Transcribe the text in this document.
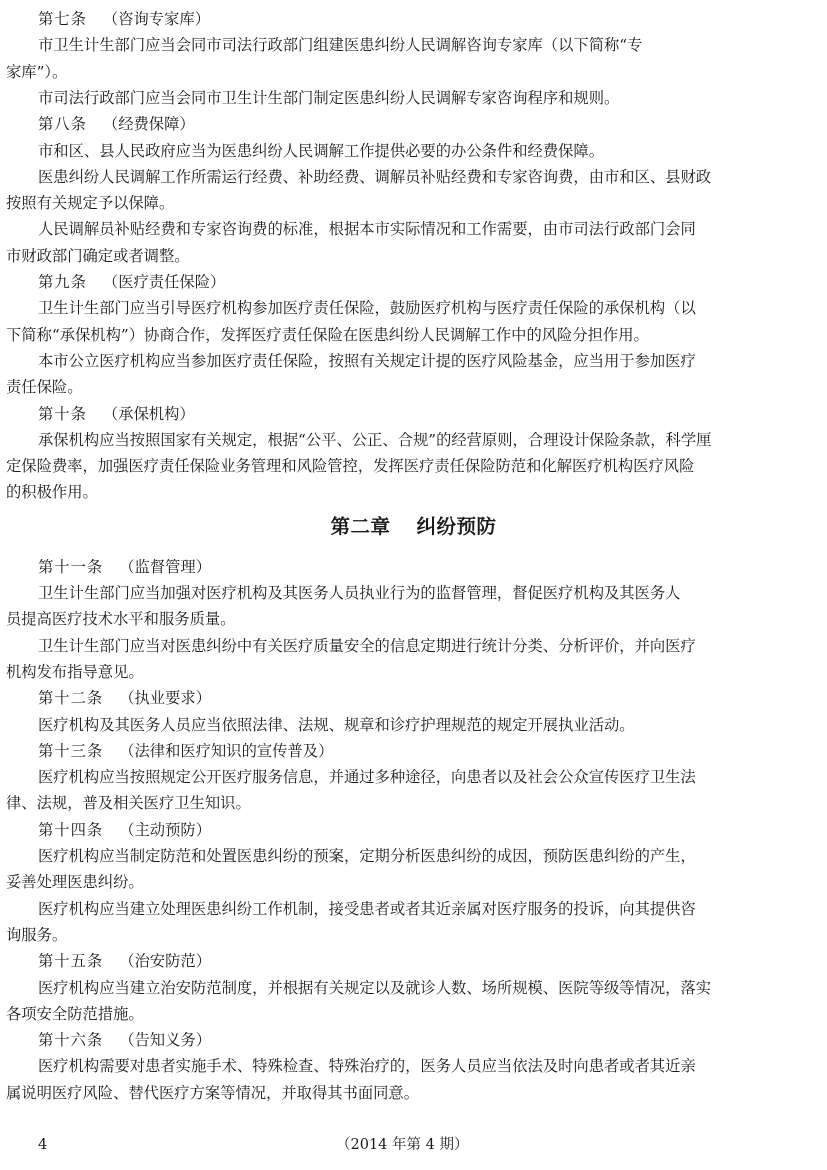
第七条 （咨询专家库）
市卫生计生部门应当会同市司法行政部门组建医患纠纷人民调解咨询专家库（以下简称“专
家库”）。
市司法行政部门应当会同市卫生计生部门制定医患纠纷人民调解专家咨询程序和规则。
第八条 （经费保障）
市和区、县人民政府应当为医患纠纷人民调解工作提供必要的办公条件和经费保障。
医患纠纷人民调解工作所需运行经费、补助经费、调解员补贴经费和专家咨询费，由市和区、县财政
按照有关规定予以保障。
人民调解员补贴经费和专家咨询费的标准，根据本市实际情况和工作需要，由市司法行政部门会同
市财政部门确定或者调整。
第九条 （医疗责任保险）
卫生计生部门应当引导医疗机构参加医疗责任保险，鼓励医疗机构与医疗责任保险的承保机构（以
下简称“承保机构”）协商合作，发挥医疗责任保险在医患纠纷人民调解工作中的风险分担作用。
本市公立医疗机构应当参加医疗责任保险，按照有关规定计提的医疗风险基金，应当用于参加医疗
责任保险。
第十条 （承保机构）
承保机构应当按照国家有关规定，根据“公平、公正、合规”的经营原则，合理设计保险条款，科学厘
定保险费率，加强医疗责任保险业务管理和风险管控，发挥医疗责任保险防范和化解医疗机构医疗风险
的积极作用。
第二章 纠纷预防
第十一条 （监督管理）
卫生计生部门应当加强对医疗机构及其医务人员执业行为的监督管理，督促医疗机构及其医务人
员提高医疗技术水平和服务质量。
卫生计生部门应当对医患纠纷中有关医疗质量安全的信息定期进行统计分类、分析评价，并向医疗
机构发布指导意见。
第十二条 （执业要求）
医疗机构及其医务人员应当依照法律、法规、规章和诊疗护理规范的规定开展执业活动。
第十三条 （法律和医疗知识的宣传普及）
医疗机构应当按照规定公开医疗服务信息，并通过多种途径，向患者以及社会公众宣传医疗卫生法
律、法规，普及相关医疗卫生知识。
第十四条 （主动预防）
医疗机构应当制定防范和处置医患纠纷的预案，定期分析医患纠纷的成因，预防医患纠纷的产生，
妥善处理医患纠纷。
医疗机构应当建立处理医患纠纷工作机制，接受患者或者其近亲属对医疗服务的投诉，向其提供咨
询服务。
第十五条 （治安防范）
医疗机构应当建立治安防范制度，并根据有关规定以及就诊人数、场所规模、医院等级等情况，落实
各项安全防范措施。
第十六条 （告知义务）
医疗机构需要对患者实施手术、特殊检查、特殊治疗的，医务人员应当依法及时向患者或者其近亲
属说明医疗风险、替代医疗方案等情况，并取得其书面同意。
4	（2014 年第 4 期）
